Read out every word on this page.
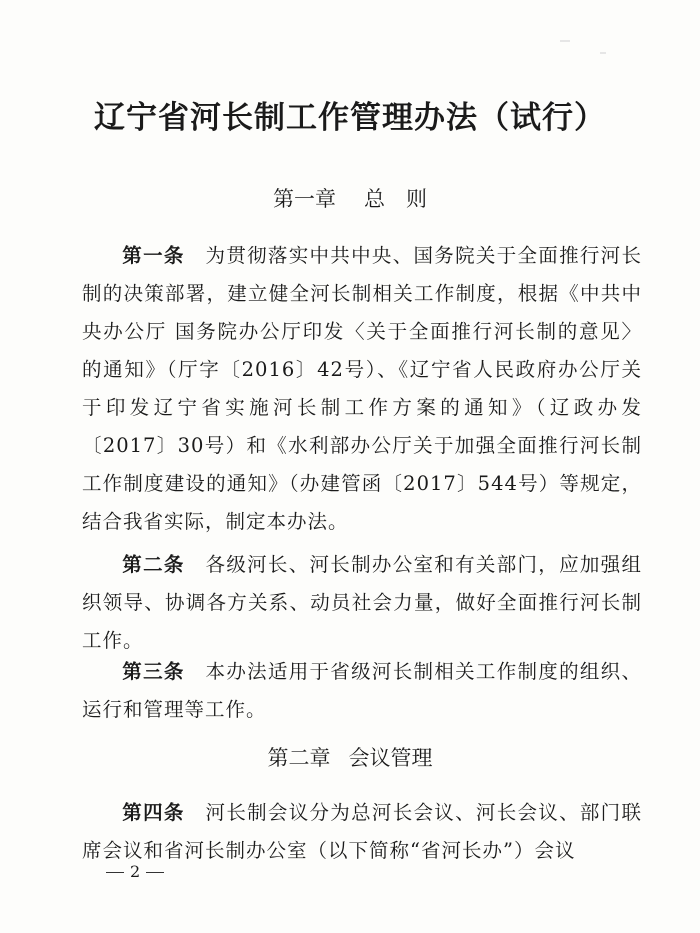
辽宁省河长制工作管理办法（试行）
第一章 总　则
第一条　 为贯彻落实中共中央、国务院关于全面推行河长制的决策部署，建立健全河长制相关工作制度，根据《中共中央办公厅 国务院办公厅印发〈关于全面推行河长制的意见〉的通知》（厅字〔2016〕42号）、《辽宁省人民政府办公厅关于印发辽宁省实施河长制工作方案的通知》（辽政办发〔2017〕30号）和《水利部办公厅关于加强全面推行河长制工作制度建设的通知》（办建管函〔2017〕544号）等规定，结合我省实际，制定本办法。
第二条　 各级河长、河长制办公室和有关部门，应加强组织领导、协调各方关系、动员社会力量，做好全面推行河长制工作。
第三条　 本办法适用于省级河长制相关工作制度的组织、运行和管理等工作。
第二章 会议管理
第四条　 河长制会议分为总河长会议、河长会议、部门联席会议和省河长制办公室（以下简称“省河长办”）会议
2
